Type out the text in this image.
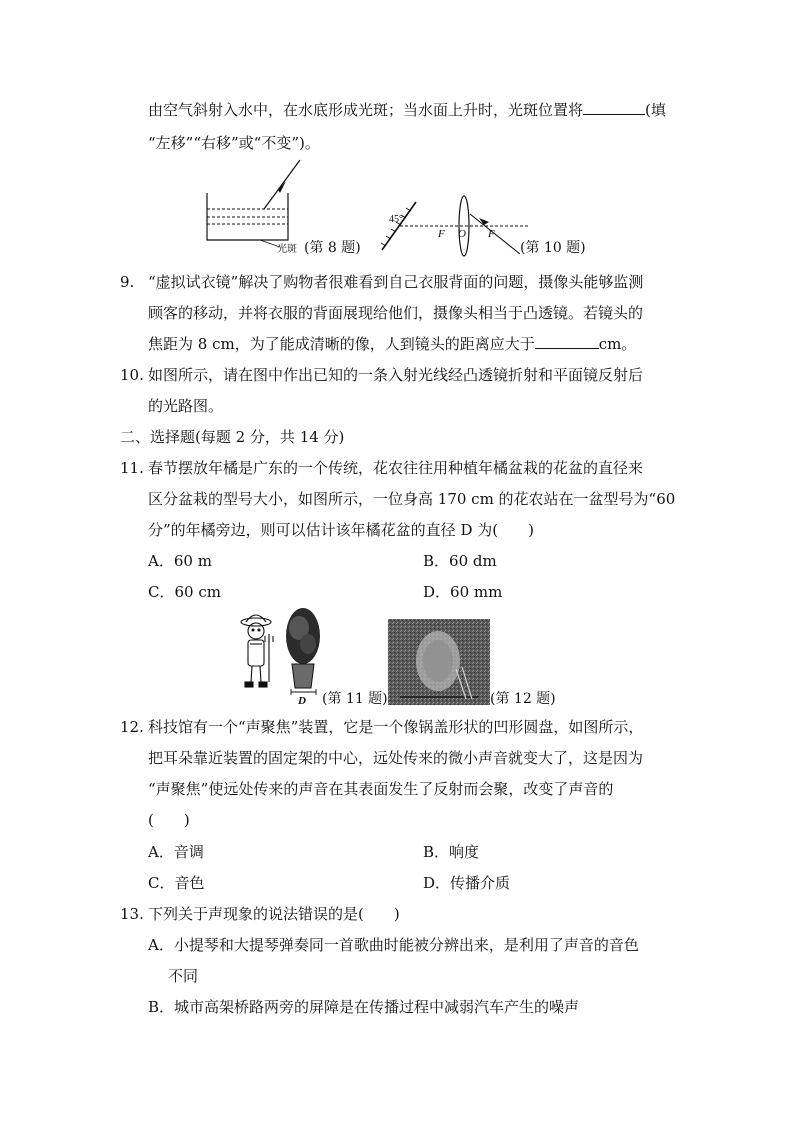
由空气斜射入水中，在水底形成光斑；当水面上升时，光斑位置将	(填
“左移”“右移”或“不变”)。
光斑 (第 8 题)
45°
F O F
(第 10 题)
9. “虚拟试衣镜”解决了购物者很难看到自己衣服背面的问题，摄像头能够监测
顾客的移动，并将衣服的背面展现给他们，摄像头相当于凸透镜。若镜头的
焦距为 8 cm，为了能成清晰的像，人到镜头的距离应大于	cm。
10. 如图所示，请在图中作出已知的一条入射光线经凸透镜折射和平面镜反射后
的光路图。
二、选择题(每题 2 分，共 14 分)
11. 春节摆放年橘是广东的一个传统，花农往往用种植年橘盆栽的花盆的直径来
区分盆栽的型号大小，如图所示，一位身高 170 cm 的花农站在一盆型号为“60
分”的年橘旁边，则可以估计该年橘花盆的直径 D 为(　　)
A．60 m	B．60 dm
C．60 cm	D．60 mm
D (第 11 题)	(第 12 题)
12. 科技馆有一个“声聚焦”装置，它是一个像锅盖形状的凹形圆盘，如图所示，
把耳朵靠近装置的固定架的中心，远处传来的微小声音就变大了，这是因为
“声聚焦”使远处传来的声音在其表面发生了反射而会聚，改变了声音的
(　　)
A．音调	B．响度
C．音色	D．传播介质
13. 下列关于声现象的说法错误的是(　　)
A．小提琴和大提琴弹奏同一首歌曲时能被分辨出来，是利用了声音的音色
不同
B．城市高架桥路两旁的屏障是在传播过程中减弱汽车产生的噪声
